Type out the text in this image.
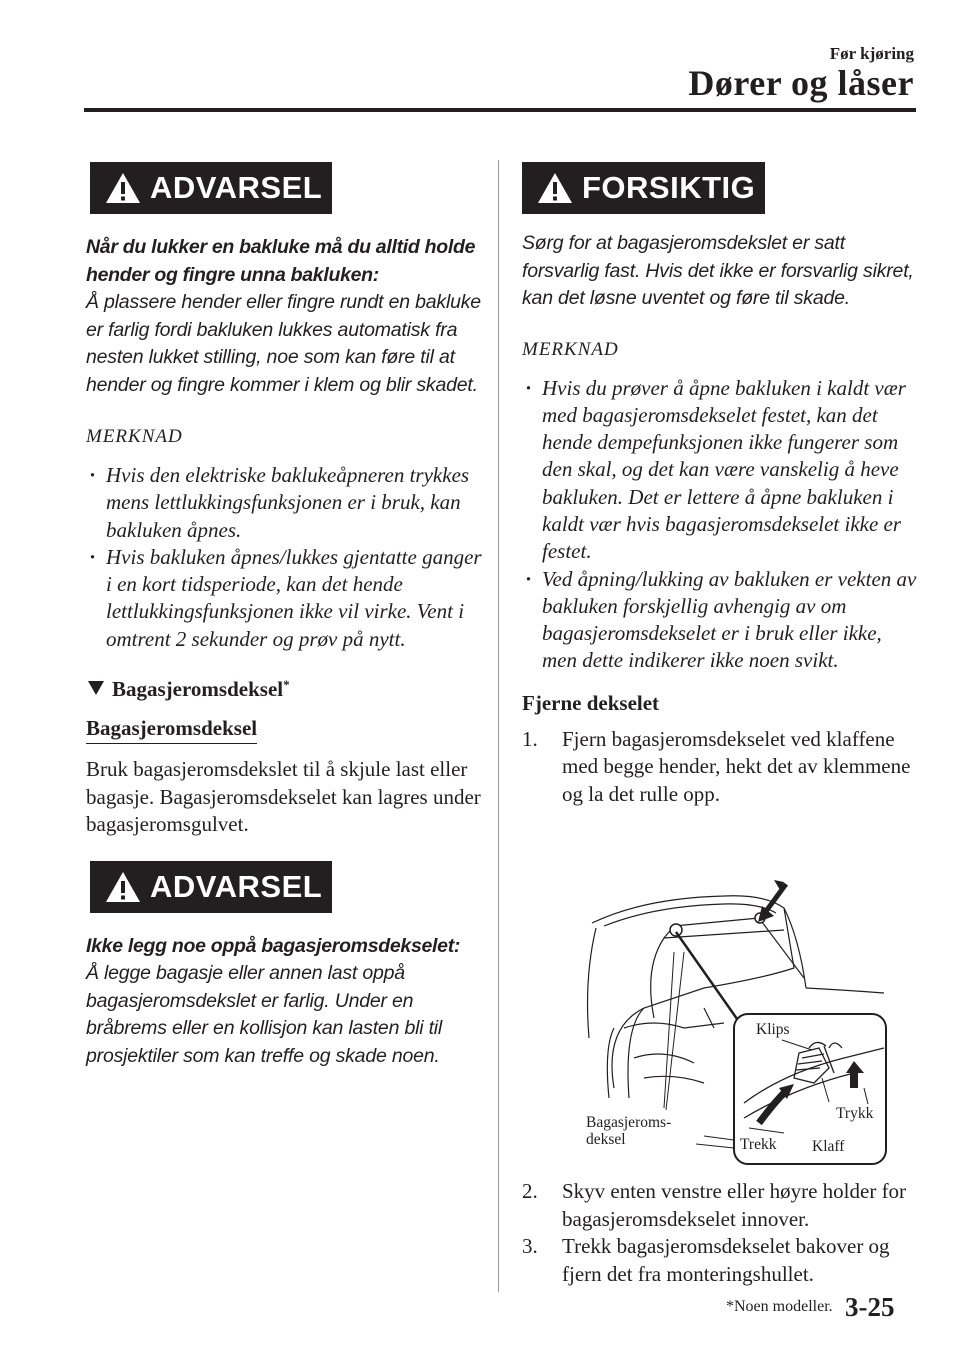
Før kjøring
Dører og låser
ADVARSEL

Når du lukker en bakluke må du alltid holde hender og fingre unna bakluken:

Å plassere hender eller fingre rundt en bakluke er farlig fordi bakluken lukkes automatisk fra nesten lukket stilling, noe som kan føre til at hender og fingre kommer i klem og blir skadet.

MERKNAD

· Hvis den elektriske baklukeåpneren trykkes mens lettlukkingsfunksjonen er i bruk, kan bakluken åpnes.
· Hvis bakluken åpnes/lukkes gjentatte ganger i en kort tidsperiode, kan det hende lettlukkingsfunksjonen ikke vil virke. Vent i omtrent 2 sekunder og prøv på nytt.
Bagasjeromsdeksel*
Bagasjeromsdeksel

Bruk bagasjeromsdekslet til å skjule last eller bagasje. Bagasjeromsdekselet kan lagres under bagasjeromsgulvet.

ADVARSEL

Ikke legg noe oppå bagasjeromsdekselet:

Å legge bagasje eller annen last oppå bagasjeromsdekslet er farlig. Under en bråbrems eller en kollisjon kan lasten bli til prosjektiler som kan treffe og skade noen.

FORSIKTIG

Sørg for at bagasjeromsdekslet er satt forsvarlig fast. Hvis det ikke er forsvarlig sikret, kan det løsne uventet og føre til skade.

MERKNAD

· Hvis du prøver å åpne bakluken i kaldt vær med bagasjeromsdekselet festet, kan det hende dempefunksjonen ikke fungerer som den skal, og det kan være vanskelig å heve bakluken. Det er lettere å åpne bakluken i kaldt vær hvis bagasjeromsdekselet ikke er festet.
· Ved åpning/lukking av bakluken er vekten av bakluken forskjellig avhengig av om bagasjeromsdekselet er i bruk eller ikke, men dette indikerer ikke noen svikt.

Fjerne dekselet

1. Fjern bagasjeromsdekselet ved klaffene med begge hender, hekt det av klemmene og la det rulle opp.
2. Skyv enten venstre eller høyre holder for bagasjeromsdekselet innover.
3. Trekk bagasjeromsdekselet bakover og fjern det fra monteringshullet.
Klips
Trykk
Trekk Klaff
Bagasjeroms-
deksel
*Noen modeller. 3-25
